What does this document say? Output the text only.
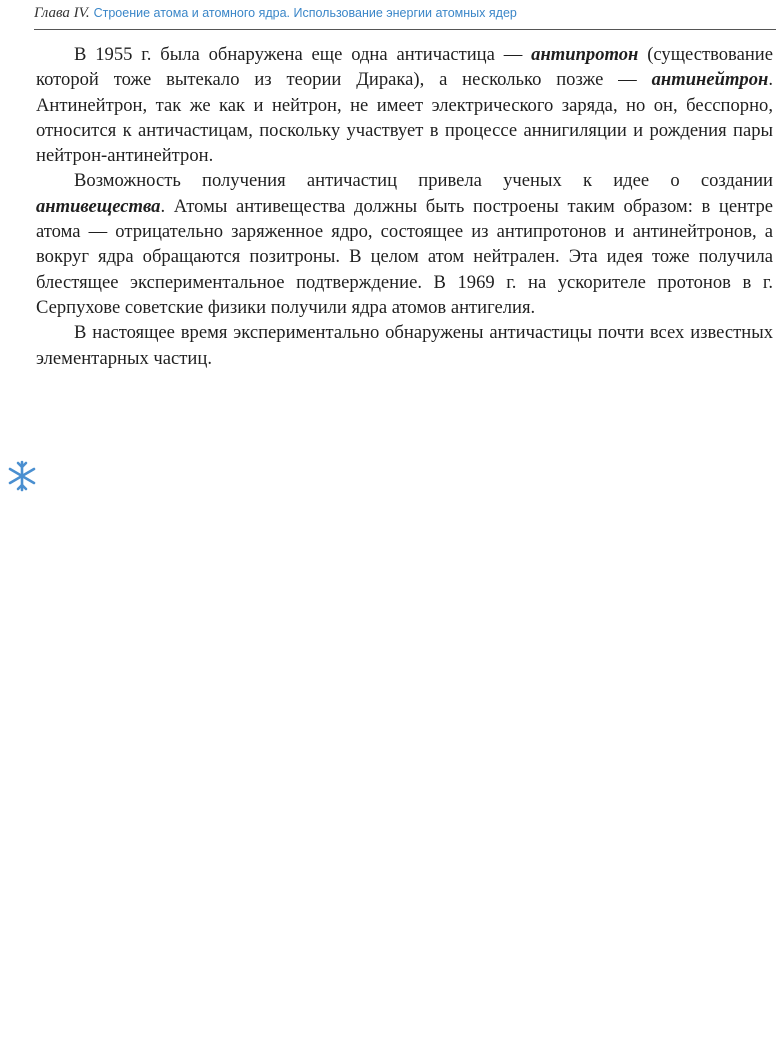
Глава IV. Строение атома и атомного ядра. Использование энергии атомных ядер

В 1955 г. была обнаружена еще одна античастица — антипротон (существование которой тоже вытекало из теории Дирака), а несколько позже — антинейтрон. Антинейтрон, так же как и нейтрон, не имеет электрического заряда, но он, бесспорно, относится к античастицам, поскольку участвует в процессе аннигиляции и рождения пары нейтрон-антинейтрон.

Возможность получения античастиц привела ученых к идее о создании антивещества. Атомы антивещества должны быть построены таким образом: в центре атома — отрицательно заряженное ядро, состоящее из антипротонов и антинейтронов, а вокруг ядра обращаются позитроны. В целом атом нейтрален. Эта идея тоже получила блестящее экспериментальное подтверждение. В 1969 г. на ускорителе протонов в г. Серпухове советские физики получили ядра атомов антигелия.

В настоящее время экспериментально обнаружены античастицы почти всех известных элементарных частиц.
